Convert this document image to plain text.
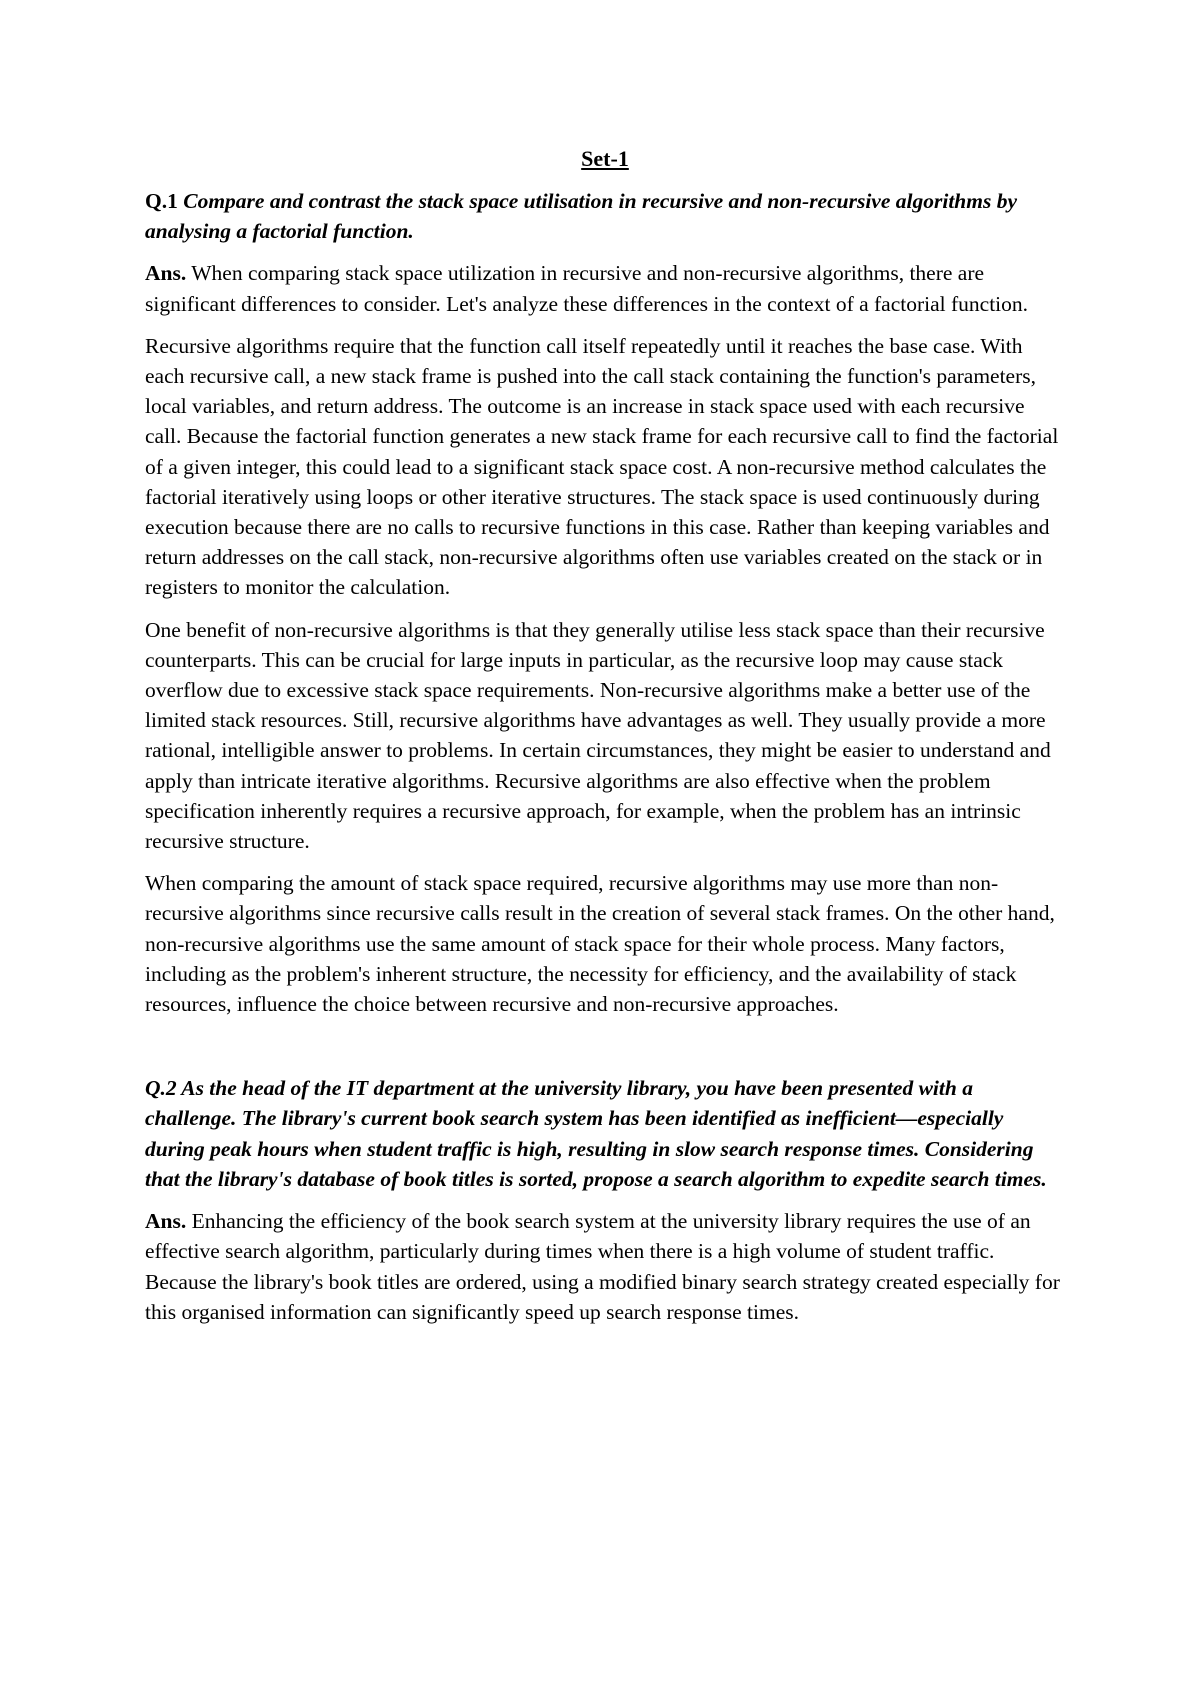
Set-1

Q.1 Compare and contrast the stack space utilisation in recursive and non-recursive algorithms by analysing a factorial function.

Ans. When comparing stack space utilization in recursive and non-recursive algorithms, there are significant differences to consider. Let's analyze these differences in the context of a factorial function.

Recursive algorithms require that the function call itself repeatedly until it reaches the base case. With each recursive call, a new stack frame is pushed into the call stack containing the function's parameters, local variables, and return address. The outcome is an increase in stack space used with each recursive call. Because the factorial function generates a new stack frame for each recursive call to find the factorial of a given integer, this could lead to a significant stack space cost. A non-recursive method calculates the factorial iteratively using loops or other iterative structures. The stack space is used continuously during execution because there are no calls to recursive functions in this case. Rather than keeping variables and return addresses on the call stack, non-recursive algorithms often use variables created on the stack or in registers to monitor the calculation.

One benefit of non-recursive algorithms is that they generally utilise less stack space than their recursive counterparts. This can be crucial for large inputs in particular, as the recursive loop may cause stack overflow due to excessive stack space requirements. Non-recursive algorithms make a better use of the limited stack resources. Still, recursive algorithms have advantages as well. They usually provide a more rational, intelligible answer to problems. In certain circumstances, they might be easier to understand and apply than intricate iterative algorithms. Recursive algorithms are also effective when the problem specification inherently requires a recursive approach, for example, when the problem has an intrinsic recursive structure.

When comparing the amount of stack space required, recursive algorithms may use more than non-recursive algorithms since recursive calls result in the creation of several stack frames. On the other hand, non-recursive algorithms use the same amount of stack space for their whole process. Many factors, including as the problem's inherent structure, the necessity for efficiency, and the availability of stack resources, influence the choice between recursive and non-recursive approaches.

Q.2 As the head of the IT department at the university library, you have been presented with a challenge. The library's current book search system has been identified as inefficient—especially during peak hours when student traffic is high, resulting in slow search response times. Considering that the library's database of book titles is sorted, propose a search algorithm to expedite search times.

Ans. Enhancing the efficiency of the book search system at the university library requires the use of an effective search algorithm, particularly during times when there is a high volume of student traffic. Because the library's book titles are ordered, using a modified binary search strategy created especially for this organised information can significantly speed up search response times.
